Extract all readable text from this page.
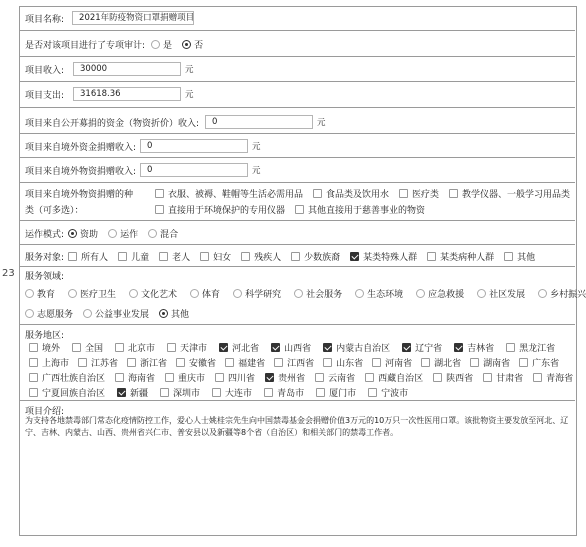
23
项目名称:	2021年防疫物资口罩捐赠项目
是否对该项目进行了专项审计: 是 否
项目收入:	30000	元
项目支出:	31618.36	元
项目来自公开募捐的资金（物资折价）收入:	0	元
项目来自境外资金捐赠收入:	0	元
项目来自境外物资捐赠收入:	0	元
项目来自境外物资捐赠的种	衣服、被褥、鞋帽等生活必需用品	食品类及饮用水	医疗类	教学仪器、一般学习用品类
类（可多选）：	直接用于环境保护的专用仪器	其他直接用于慈善事业的物资
运作模式: 资助 运作 混合
服务对象: 所有人	儿童	老人	妇女	残疾人	少数族裔	某类特殊人群	某类病种人群	其他
服务领域:
教育	医疗卫生	文化艺术	体育	科学研究	社会服务	生态环境	应急救援	社区发展	乡村振兴
志愿服务 公益事业发展 其他
服务地区:
境外	全国	北京市	天津市	河北省	山西省	内蒙古自治区	辽宁省	吉林省	黑龙江省
上海市 江苏省 浙江省 安徽省 福建省 江西省 山东省 河南省 湖北省 湖南省 广东省
广西壮族自治区	海南省	重庆市	四川省	贵州省	云南省	西藏自治区	陕西省	甘肃省	青海省
宁夏回族自治区	新疆	深圳市	大连市	青岛市	厦门市	宁波市
项目介绍:
为支持各地禁毒部门常态化疫情防控工作，爱心人士姚桂宗先生向中国禁毒基金会捐赠价值3万元的10万只一次性医用口罩。该批物资主要发放至河北、辽宁、吉林、内蒙古、山西、贵州省兴仁市、普安县以及新疆等8个省（自治区）和相关部门的禁毒工作者。
